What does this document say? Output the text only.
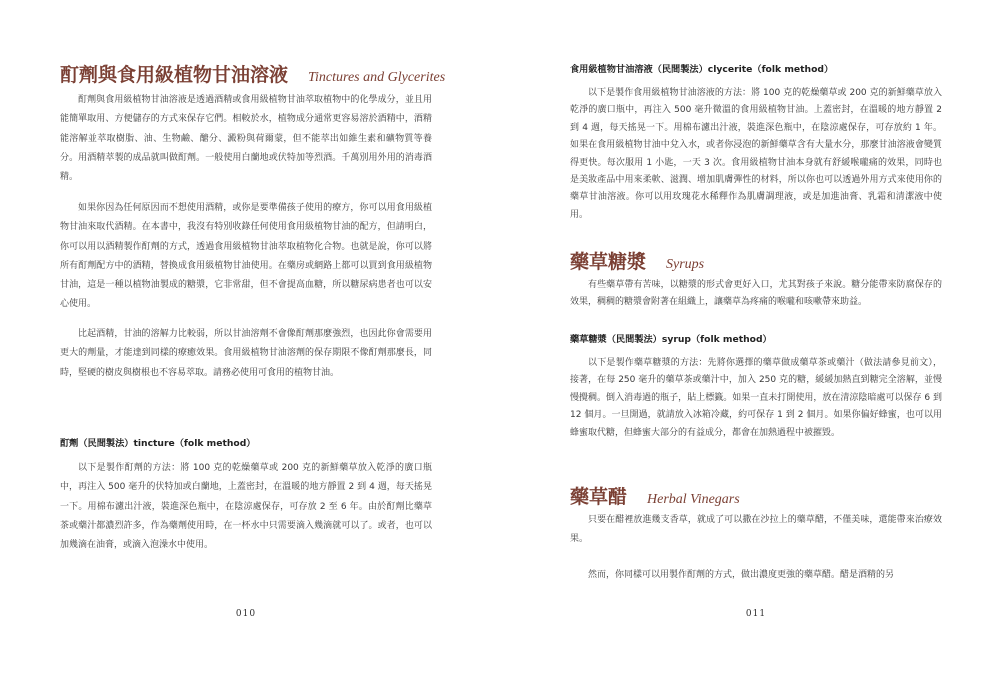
酊劑與食用級植物甘油溶液 Tinctures and Glycerites

酊劑與食用級植物甘油溶液是透過酒精或食用級植物甘油萃取植物中的化學成分，並且用能簡單取用、方便儲存的方式來保存它們。相較於水，植物成分通常更容易溶於酒精中，酒精能溶解並萃取樹脂、油、生物鹼、醣分、澱粉與荷爾蒙，但不能萃出如維生素和礦物質等養分。用酒精萃製的成品就叫做酊劑。一般使用白蘭地或伏特加等烈酒。千萬別用外用的消毒酒精。

如果你因為任何原因而不想使用酒精，或你是要準備孩子使用的療方，你可以用食用級植物甘油來取代酒精。在本書中，我沒有特別收錄任何使用食用級植物甘油的配方，但請明白，你可以用以酒精製作酊劑的方式，透過食用級植物甘油萃取植物化合物。也就是說，你可以將所有酊劑配方中的酒精，替換成食用級植物甘油使用。在藥房或網路上都可以買到食用級植物甘油，這是一種以植物油製成的糖漿，它非常甜，但不會提高血糖，所以糖尿病患者也可以安心使用。

比起酒精，甘油的溶解力比較弱，所以甘油溶劑不會像酊劑那麼強烈，也因此你會需要用更大的劑量，才能達到同樣的療癒效果。食用級植物甘油溶劑的保存期限不像酊劑那麼長，同時，堅硬的樹皮與樹根也不容易萃取。請務必使用可食用的植物甘油。

酊劑（民間製法）tincture（folk method）

以下是製作酊劑的方法：將 100 克的乾燥藥草或 200 克的新鮮藥草放入乾淨的廣口瓶中，再注入 500 毫升的伏特加或白蘭地，上蓋密封，在溫暖的地方靜置 2 到 4 週，每天搖晃一下。用棉布濾出汁液，裝進深色瓶中，在陰涼處保存，可存放 2 至 6 年。由於酊劑比藥草茶或藥汁都濃烈許多，作為藥劑使用時，在一杯水中只需要滴入幾滴就可以了。或者，也可以加幾滴在油膏，或滴入泡澡水中使用。

010
食用級植物甘油溶液（民間製法）clycerite（folk method）

以下是製作食用級植物甘油溶液的方法：將 100 克的乾燥藥草或 200 克的新鮮藥草放入乾淨的廣口瓶中，再注入 500 毫升微溫的食用級植物甘油。上蓋密封，在溫暖的地方靜置 2 到 4 週，每天搖晃一下。用棉布濾出汁液，裝進深色瓶中，在陰涼處保存，可存放約 1 年。如果在食用級植物甘油中兌入水，或者你浸泡的新鮮藥草含有大量水分，那麼甘油溶液會變質得更快。每次服用 1 小匙，一天 3 次。食用級植物甘油本身就有舒緩喉嚨痛的效果，同時也是美妝產品中用來柔軟、滋潤、增加肌膚彈性的材料，所以你也可以透過外用方式來使用你的藥草甘油溶液。你可以用玫瑰花水稀釋作為肌膚調理液，或是加進油膏、乳霜和清潔液中使用。

藥草糖漿 Syrups

有些藥草帶有苦味，以糖漿的形式會更好入口，尤其對孩子來說。糖分能帶來防腐保存的效果，稠稠的糖漿會附著在組織上，讓藥草為疼痛的喉嚨和咳嗽帶來助益。

藥草糖漿（民間製法）syrup（folk method）

以下是製作藥草糖漿的方法：先將你選擇的藥草做成藥草茶或藥汁（做法請參見前文），接著，在每 250 毫升的藥草茶或藥汁中，加入 250 克的糖，緩緩加熱直到糖完全溶解，並慢慢攪稠。倒入消毒過的瓶子，貼上標籤。如果一直未打開使用，放在清涼陰暗處可以保存 6 到 12 個月。一旦開過，就請放入冰箱冷藏，約可保存 1 到 2 個月。如果你偏好蜂蜜，也可以用蜂蜜取代糖，但蜂蜜大部分的有益成分，都會在加熱過程中被摧毀。

藥草醋 Herbal Vinegars

只要在醋裡放進幾支香草，就成了可以撒在沙拉上的藥草醋，不僅美味，還能帶來治療效果。

然而，你同樣可以用製作酊劑的方式，做出濃度更強的藥草醋。醋是酒精的另

011
